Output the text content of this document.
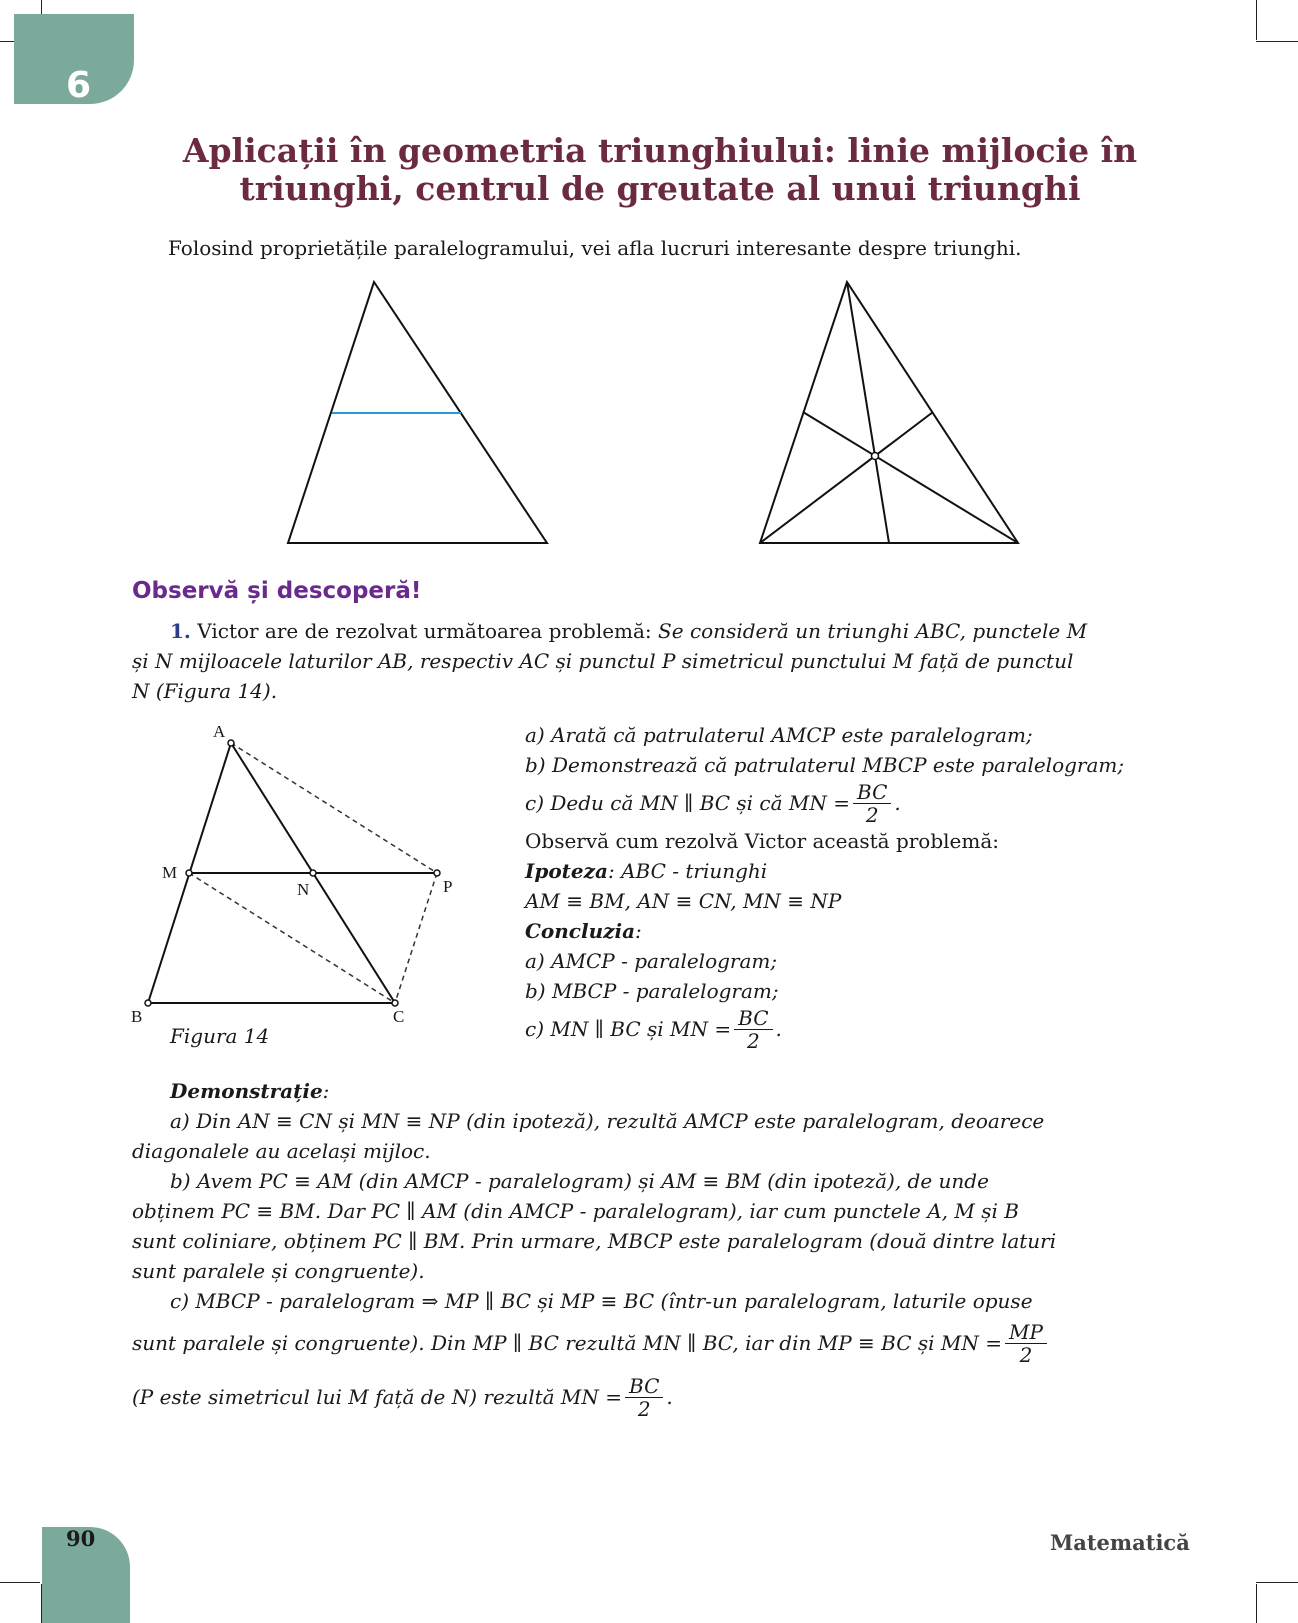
6
Aplicații în geometria triunghiului: linie mijlocie în
triunghi, centrul de greutate al unui triunghi
Folosind proprietățile paralelogramului, vei afla lucruri interesante despre triunghi.
Observă și descoperă!
1. Victor are de rezolvat următoarea problemă: Se consideră un triunghi ABC, punctele M
și N mijloacele laturilor AB, respectiv AC și punctul P simetricul punctului M față de punctul
N (Figura 14).
A
M
N	P
B	C
Figura 14
a) Arată că patrulaterul AMCP este paralelogram;
b) Demonstrează că patrulaterul MBCP este paralelogram;
c) Dedu că MN ∥ BC și că MN = $\frac{BC}{2}$ .
Observă cum rezolvă Victor această problemă:
Ipoteza: ABC - triunghi
AM ≡ BM, AN ≡ CN, MN ≡ NP
Concluzia:
a) AMCP - paralelogram;
b) MBCP - paralelogram;
c) MN ∥ BC și MN = $\frac{BC}{2}$ .
Demonstrație:
a) Din AN ≡ CN și MN ≡ NP (din ipoteză), rezultă AMCP este paralelogram, deoarece
diagonalele au același mijloc.
b) Avem PC ≡ AM (din AMCP - paralelogram) și AM ≡ BM (din ipoteză), de unde
obținem PC ≡ BM. Dar PC ∥ AM (din AMCP - paralelogram), iar cum punctele A, M și B
sunt coliniare, obținem PC ∥ BM. Prin urmare, MBCP este paralelogram (două dintre laturi
sunt paralele și congruente).
c) MBCP - paralelogram ⇒ MP ∥ BC și MP ≡ BC (într-un paralelogram, laturile opuse
sunt paralele și congruente). Din MP ∥ BC rezultă MN ∥ BC, iar din MP ≡ BC și MN = $\frac{MP}{2}$
(P este simetricul lui M față de N) rezultă MN = $\frac{BC}{2}$ .
90	Matematică
